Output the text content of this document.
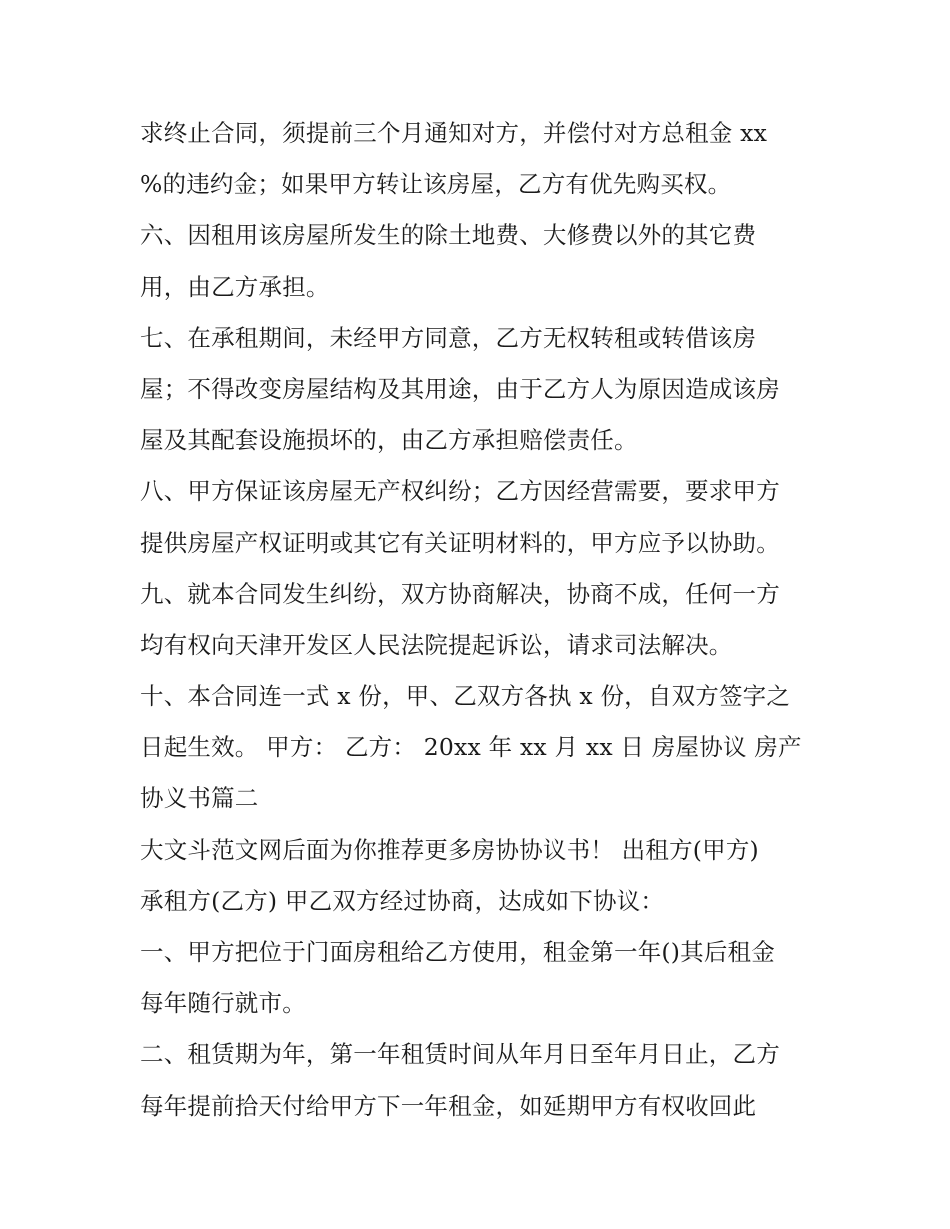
求终止合同，须提前三个月通知对方，并偿付对方总租金 xx
%的违约金；如果甲方转让该房屋，乙方有优先购买权。
六、因租用该房屋所发生的除土地费、大修费以外的其它费
用，由乙方承担。
七、在承租期间，未经甲方同意，乙方无权转租或转借该房
屋；不得改变房屋结构及其用途，由于乙方人为原因造成该房
屋及其配套设施损坏的，由乙方承担赔偿责任。
八、甲方保证该房屋无产权纠纷；乙方因经营需要，要求甲方
提供房屋产权证明或其它有关证明材料的，甲方应予以协助。
九、就本合同发生纠纷，双方协商解决，协商不成，任何一方
均有权向天津开发区人民法院提起诉讼，请求司法解决。
十、本合同连一式 x 份，甲、乙双方各执 x 份，自双方签字之
日起生效。 甲方： 乙方： 20xx 年 xx 月 xx 日 房屋协议 房产
协义书篇二
大文斗范文网后面为你推荐更多房协协议书！ 出租方(甲方)
承租方(乙方) 甲乙双方经过协商，达成如下协议：
一、甲方把位于门面房租给乙方使用，租金第一年()其后租金
每年随行就市。
二、租赁期为年，第一年租赁时间从年月日至年月日止，乙方
每年提前拾天付给甲方下一年租金，如延期甲方有权收回此
